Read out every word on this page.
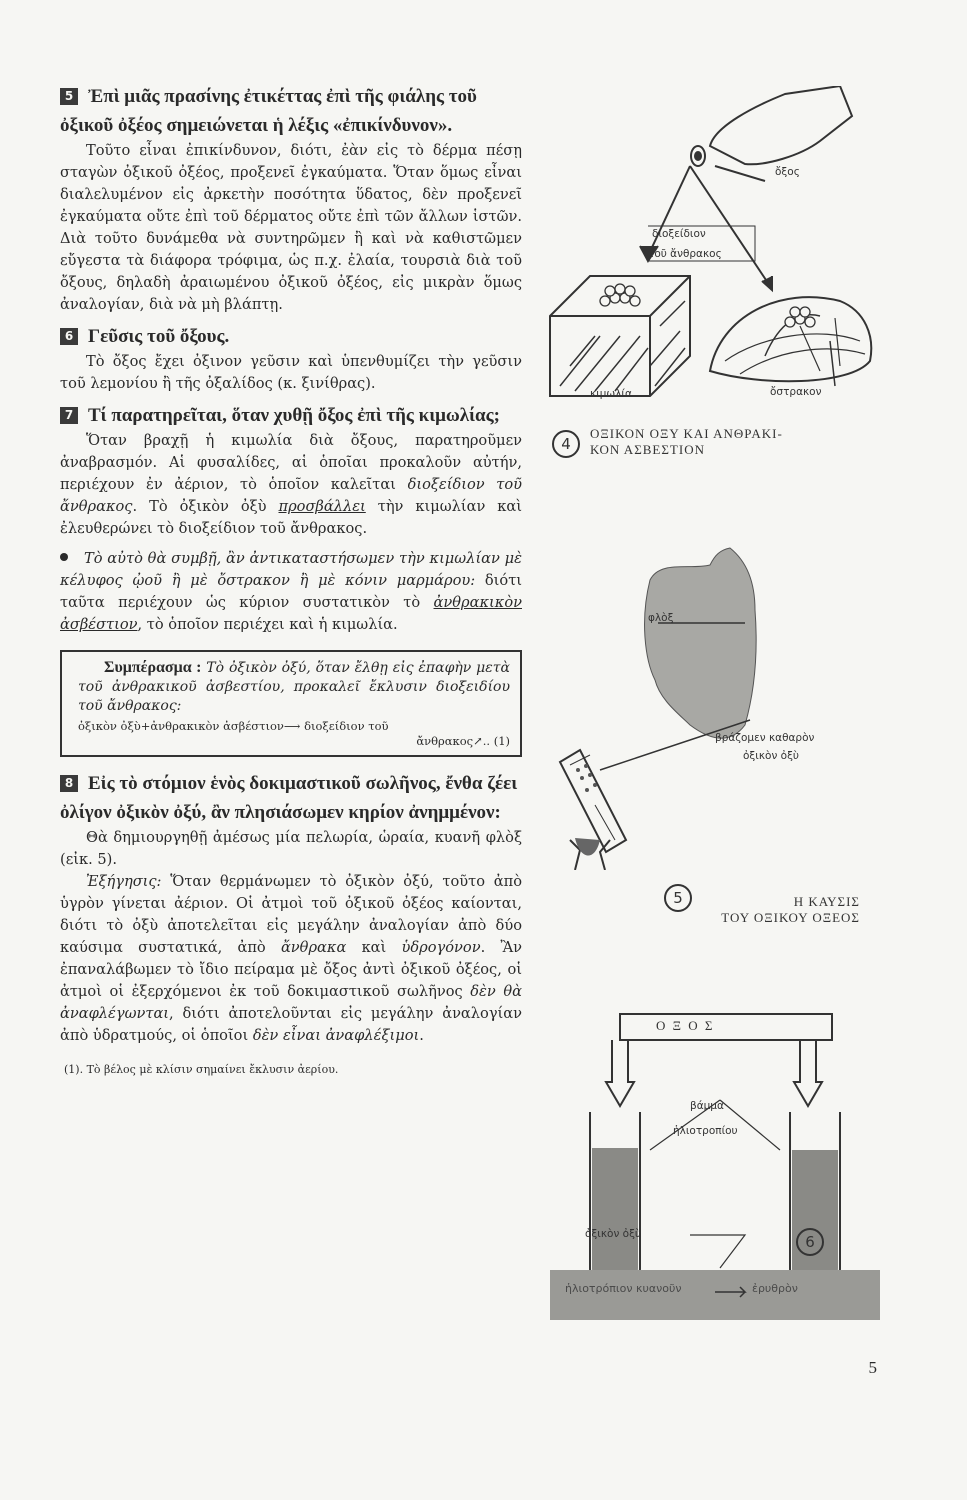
5 Ἐπὶ μιᾶς πρασίνης ἐτικέττας ἐπὶ τῆς φιάλης τοῦ ὀξικοῦ ὀξέος σημειώνεται ἡ λέξις «ἐπικίνδυνον».

Τοῦτο εἶναι ἐπικίνδυνον, διότι, ἐὰν εἰς τὸ δέρμα πέσῃ σταγὼν ὀξικοῦ ὀξέος, προξενεῖ ἐγκαύματα. Ὅταν ὅμως εἶναι διαλελυμένον εἰς ἀρκετὴν ποσότητα ὕδατος, δὲν προξενεῖ ἐγκαύματα οὔτε ἐπὶ τοῦ δέρματος οὔτε ἐπὶ τῶν ἄλλων ἱστῶν. Διὰ τοῦτο δυνάμεθα νὰ συντηρῶμεν ἢ καὶ νὰ καθιστῶμεν εὔγεστα τὰ διάφορα τρόφιμα, ὡς π.χ. ἐλαία, τουρσιὰ διὰ τοῦ ὄξους, δηλαδὴ ἀραιωμένου ὀξικοῦ ὀξέος, εἰς μικρὰν ὅμως ἀναλογίαν, διὰ νὰ μὴ βλάπτῃ.

6 Γεῦσις τοῦ ὄξους.

Τὸ ὄξος ἔχει ὀξινον γεῦσιν καὶ ὑπενθυμίζει τὴν γεῦσιν τοῦ λεμονίου ἢ τῆς ὀξαλίδος (κ. ξινίθρας).

7 Τί παρατηρεῖται, ὅταν χυθῇ ὄξος ἐπὶ τῆς κιμωλίας;

Ὅταν βραχῇ ἡ κιμωλία διὰ ὄξους, παρατηροῦμεν ἀναβρασμόν. Αἱ φυσαλίδες, αἱ ὁποῖαι προκαλοῦν αὐτήν, περιέχουν ἐν ἀέριον, τὸ ὁποῖον καλεῖται διοξείδιον τοῦ ἄνθρακος. Τὸ ὀξικὸν ὀξὺ προσβάλλει τὴν κιμωλίαν καὶ ἐλευθερώνει τὸ διοξείδιον τοῦ ἄνθρακος.

Τὸ αὐτὸ θὰ συμβῇ, ἂν ἀντικαταστήσωμεν τὴν κιμωλίαν μὲ κέλυφος ᾠοῦ ἢ μὲ ὄστρακον ἢ μὲ κόνιν μαρμάρου: διότι ταῦτα περιέχουν ὡς κύριον συστατικὸν τὸ ἀνθρακικὸν ἀσβέστιον, τὸ ὁποῖον περιέχει καὶ ἡ κιμωλία.

Συμπέρασμα : Τὸ ὀξικὸν ὀξύ, ὅταν ἔλθῃ εἰς ἐπαφὴν μετὰ τοῦ ἀνθρακικοῦ ἀσβεστίου, προκαλεῖ ἔκλυσιν διοξειδίου τοῦ ἄνθρακος:

ὀξικὸν ὀξὺ+ἀνθρακικὸν ἀσβέστιον⟶ διοξείδιον τοῦ
ἄνθρακος↗.. (1)

8 Εἰς τὸ στόμιον ἑνὸς δοκιμαστικοῦ σωλῆνος, ἔνθα ζέει ὀλίγον ὀξικὸν ὀξύ, ἂν πλησιάσωμεν κηρίον ἀνημμένον:

Θὰ δημιουργηθῇ ἀμέσως μία πελωρία, ὡραία, κυανῆ φλὸξ (εἰκ. 5).

Ἐξήγησις: Ὅταν θερμάνωμεν τὸ ὀξικὸν ὀξύ, τοῦτο ἀπὸ ὑγρὸν γίνεται ἀέριον. Οἱ ἀτμοὶ τοῦ ὀξικοῦ ὀξέος καίονται, διότι τὸ ὀξὺ ἀποτελεῖται εἰς μεγάλην ἀναλογίαν ἀπὸ δύο καύσιμα συστατικά, ἀπὸ ἄνθρακα καὶ ὑδρογόνον. Ἂν ἐπαναλάβωμεν τὸ ἴδιο πείραμα μὲ ὄξος ἀντὶ ὀξικοῦ ὀξέος, οἱ ἀτμοὶ οἱ ἐξερχόμενοι ἐκ τοῦ δοκιμαστικοῦ σωλῆνος δὲν θὰ ἀναφλέγωνται, διότι ἀποτελοῦνται εἰς μεγάλην ἀναλογίαν ἀπὸ ὑδρατμούς, οἱ ὁποῖοι δὲν εἶναι ἀναφλέξιμοι.

(1). Τὸ βέλος μὲ κλίσιν σημαίνει ἔκλυσιν ἀερίου.

ὄξος
διοξείδιον
τοῦ ἄνθρακος
κιμωλία	ὄστρακον
4
ΟΞΙΚΟΝ ΟΞΥ ΚΑΙ ΑΝΘΡΑΚΙ-
ΚΟΝ ΑΣΒΕΣΤΙΟΝ
φλὸξ
βράζομεν καθαρὸν
ὀξικὸν ὀξὺ
5	Η ΚΑΥΣΙΣ
ΤΟΥ ΟΞΙΚΟΥ ΟΞΕΟΣ
Ο Ξ Ο Σ
βάμμα
ἡλιοτροπίου
ὀξικὸν ὀξὺ	6
ἡλιοτρόπιον κυανοῦν	ἐρυθρὸν
5
